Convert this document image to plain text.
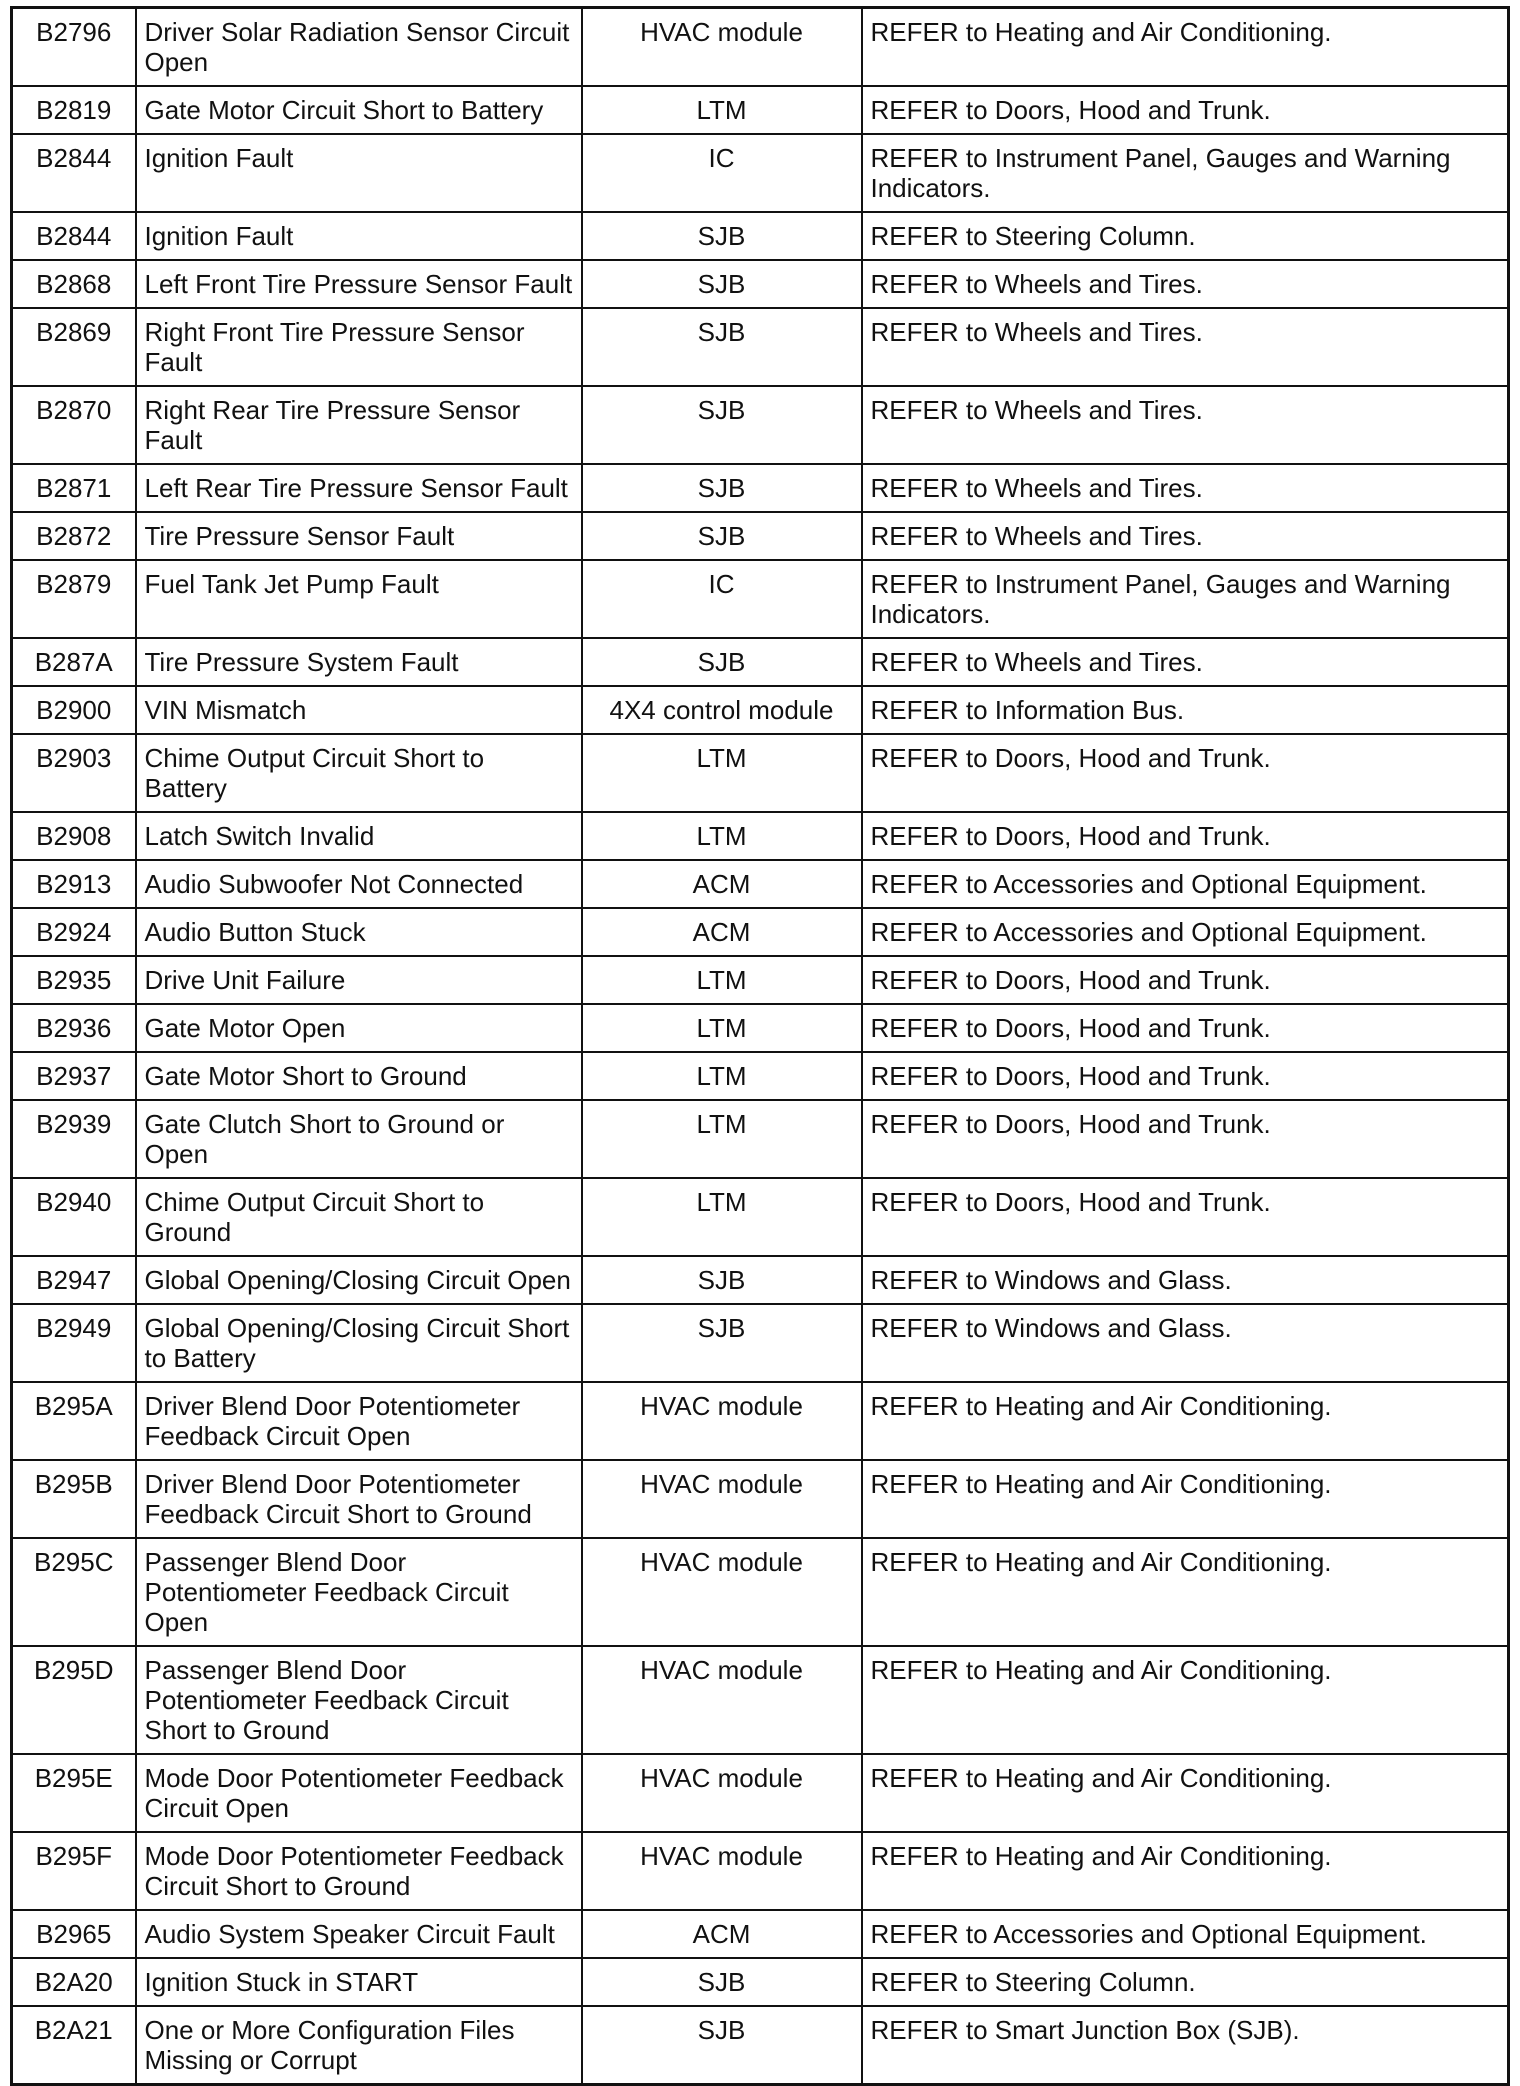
B2796	Driver Solar Radiation Sensor Circuit Open	HVAC module	REFER to Heating and Air Conditioning.
B2819	Gate Motor Circuit Short to Battery	LTM	REFER to Doors, Hood and Trunk.
B2844	Ignition Fault	IC	REFER to Instrument Panel, Gauges and Warning Indicators.
B2844	Ignition Fault	SJB	REFER to Steering Column.
B2868	Left Front Tire Pressure Sensor Fault	SJB	REFER to Wheels and Tires.
B2869	Right Front Tire Pressure Sensor Fault	SJB	REFER to Wheels and Tires.
B2870	Right Rear Tire Pressure Sensor Fault	SJB	REFER to Wheels and Tires.
B2871	Left Rear Tire Pressure Sensor Fault	SJB	REFER to Wheels and Tires.
B2872	Tire Pressure Sensor Fault	SJB	REFER to Wheels and Tires.
B2879	Fuel Tank Jet Pump Fault	IC	REFER to Instrument Panel, Gauges and Warning Indicators.
B287A	Tire Pressure System Fault	SJB	REFER to Wheels and Tires.
B2900	VIN Mismatch	4X4 control module	REFER to Information Bus.
B2903	Chime Output Circuit Short to Battery	LTM	REFER to Doors, Hood and Trunk.
B2908	Latch Switch Invalid	LTM	REFER to Doors, Hood and Trunk.
B2913	Audio Subwoofer Not Connected	ACM	REFER to Accessories and Optional Equipment.
B2924	Audio Button Stuck	ACM	REFER to Accessories and Optional Equipment.
B2935	Drive Unit Failure	LTM	REFER to Doors, Hood and Trunk.
B2936	Gate Motor Open	LTM	REFER to Doors, Hood and Trunk.
B2937	Gate Motor Short to Ground	LTM	REFER to Doors, Hood and Trunk.
B2939	Gate Clutch Short to Ground or Open	LTM	REFER to Doors, Hood and Trunk.
B2940	Chime Output Circuit Short to Ground	LTM	REFER to Doors, Hood and Trunk.
B2947	Global Opening/Closing Circuit Open	SJB	REFER to Windows and Glass.
B2949	Global Opening/Closing Circuit Short to Battery	SJB	REFER to Windows and Glass.
B295A	Driver Blend Door Potentiometer Feedback Circuit Open	HVAC module	REFER to Heating and Air Conditioning.
B295B	Driver Blend Door Potentiometer Feedback Circuit Short to Ground	HVAC module	REFER to Heating and Air Conditioning.
B295C	Passenger Blend Door Potentiometer Feedback Circuit Open	HVAC module	REFER to Heating and Air Conditioning.
B295D	Passenger Blend Door Potentiometer Feedback Circuit Short to Ground	HVAC module	REFER to Heating and Air Conditioning.
B295E	Mode Door Potentiometer Feedback Circuit Open	HVAC module	REFER to Heating and Air Conditioning.
B295F	Mode Door Potentiometer Feedback Circuit Short to Ground	HVAC module	REFER to Heating and Air Conditioning.
B2965	Audio System Speaker Circuit Fault	ACM	REFER to Accessories and Optional Equipment.
B2A20	Ignition Stuck in START	SJB	REFER to Steering Column.
B2A21	One or More Configuration Files Missing or Corrupt	SJB	REFER to Smart Junction Box (SJB).
